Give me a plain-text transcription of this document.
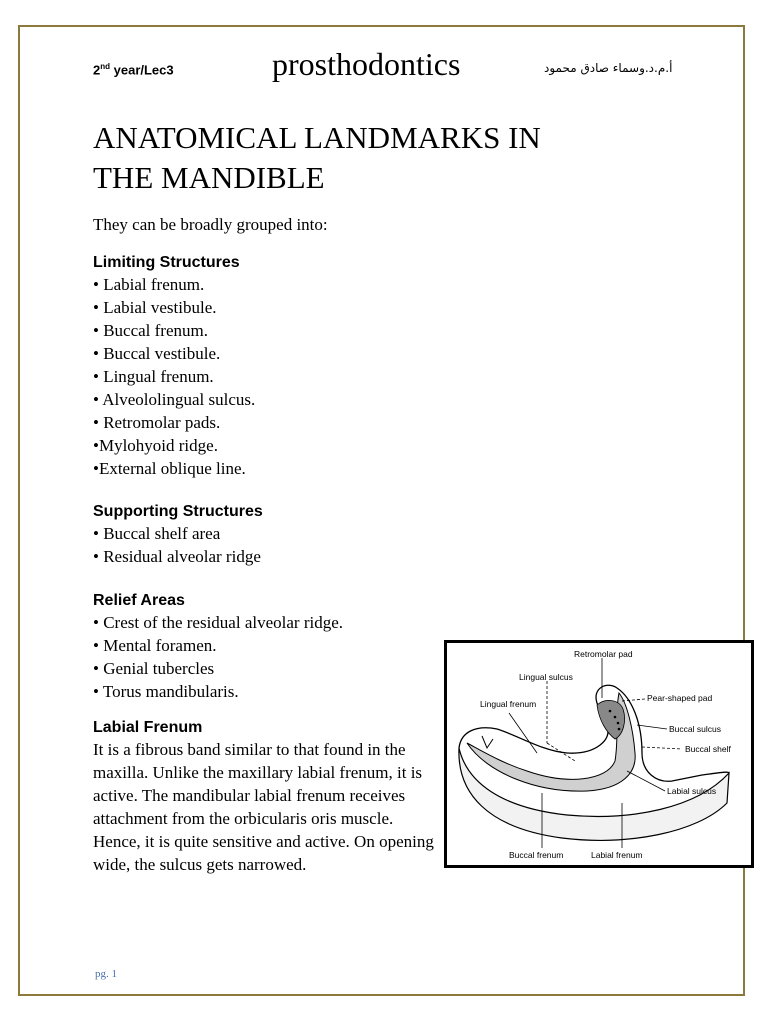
2nd year/Lec3	prosthodontics	أ.م.د.وسماء صادق محمود
ANATOMICAL LANDMARKS IN THE MANDIBLE
They can be broadly grouped into:
Limiting Structures
• Labial frenum.
• Labial vestibule.
• Buccal frenum.
• Buccal vestibule.
• Lingual frenum.
• Alveololingual sulcus.
• Retromolar pads.
•Mylohyoid ridge.
•External oblique line.
Supporting Structures
• Buccal shelf area
• Residual alveolar ridge
Relief Areas
• Crest of the residual alveolar ridge.
• Mental foramen.
• Genial tubercles
• Torus mandibularis.
Labial Frenum

It is a fibrous band similar to that found in the maxilla. Unlike the maxillary labial frenum, it is active. The mandibular labial frenum receives attachment from the orbicularis oris muscle. Hence, it is quite sensitive and active. On opening wide, the sulcus gets narrowed.

Retromolar pad
Lingual sulcus
Pear-shaped pad
Lingual frenum
Buccal sulcus
Buccal shelf
Labial sulcus
Buccal frenum	Labial frenum
pg. 1
